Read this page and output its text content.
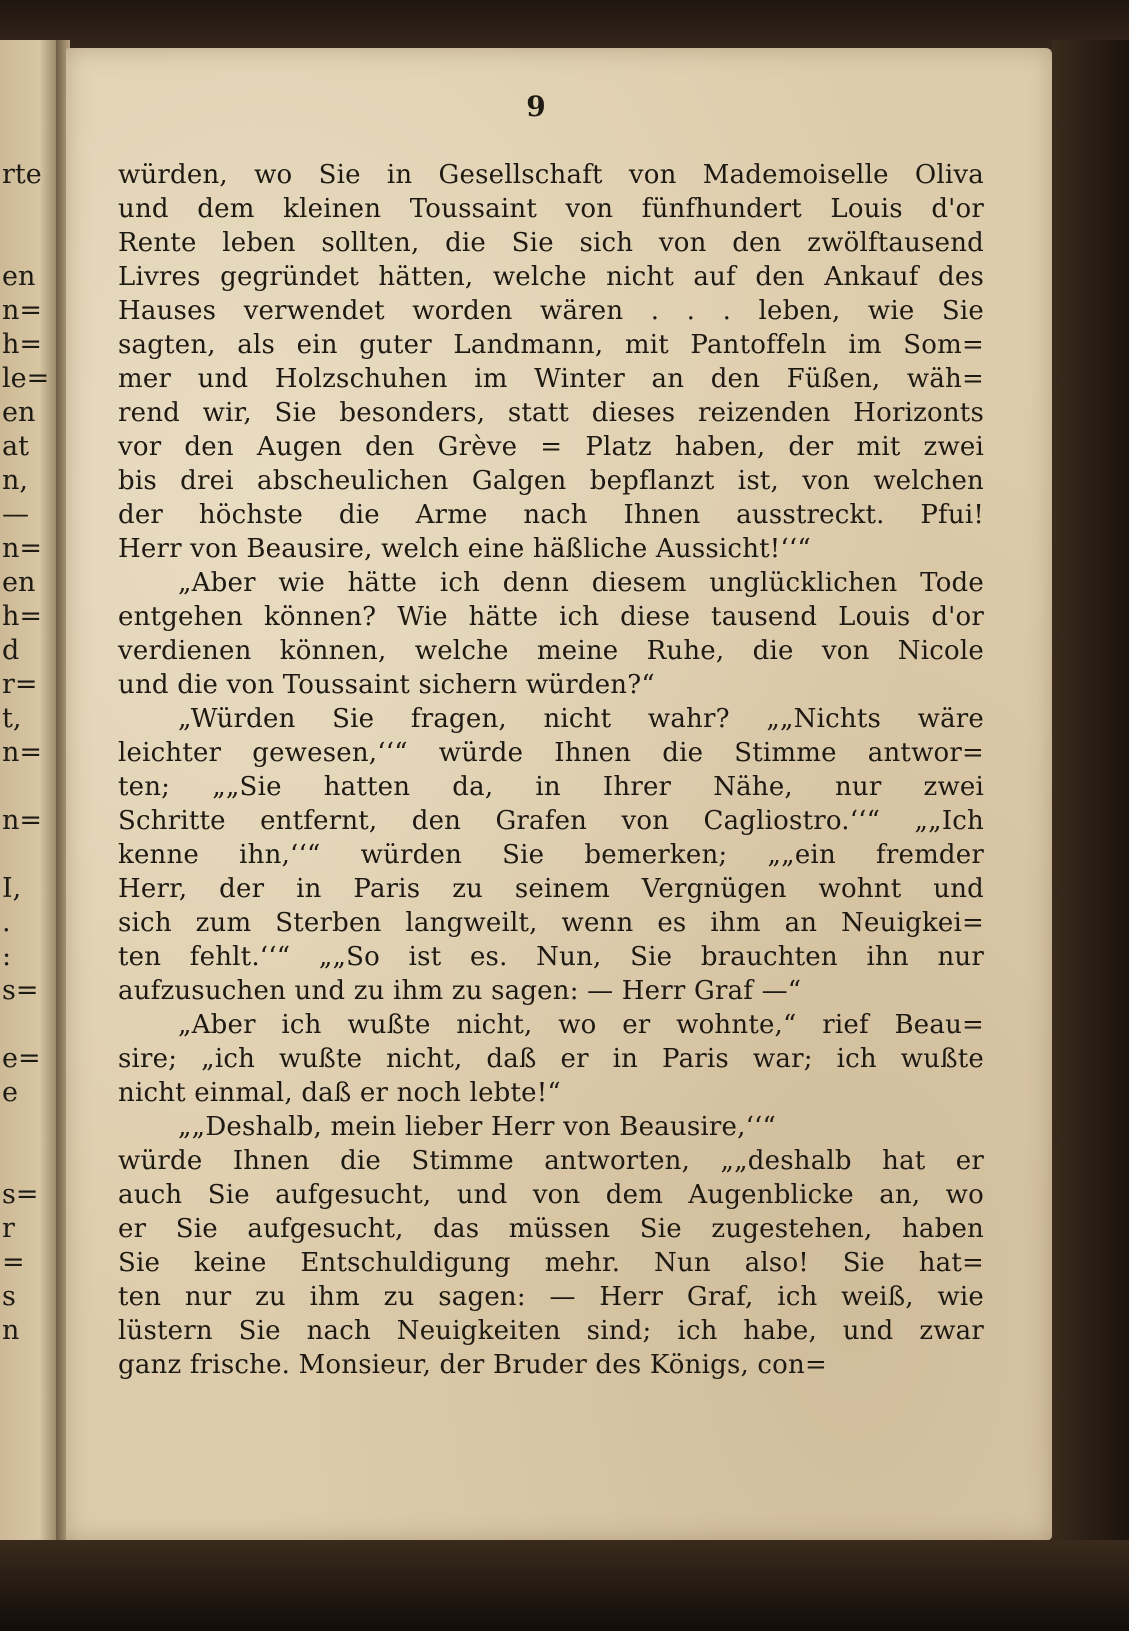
rte
en
n=
h=
le=
en
at
n,
—
n=
en
h=
d
r=
t,
n=
n=
I,
.
:
s=
e=
e
s=
r
=
s
n
9
würden, wo Sie in Gesellschaft von Mademoiselle Oliva
und dem kleinen Toussaint von fünfhundert Louis d'or
Rente leben sollten, die Sie sich von den zwölftausend
Livres gegründet hätten, welche nicht auf den Ankauf des
Hauses verwendet worden wären . . . leben, wie Sie
sagten, als ein guter Landmann, mit Pantoffeln im Som=
mer und Holzschuhen im Winter an den Füßen, wäh=
rend wir, Sie besonders, statt dieses reizenden Horizonts
vor den Augen den Grève = Platz haben, der mit zwei
bis drei abscheulichen Galgen bepflanzt ist, von welchen
der höchste die Arme nach Ihnen ausstreckt. Pfui!
Herr von Beausire, welch eine häßliche Aussicht!‘‘“
„Aber wie hätte ich denn diesem unglücklichen Tode
entgehen können? Wie hätte ich diese tausend Louis d'or
verdienen können, welche meine Ruhe, die von Nicole
und die von Toussaint sichern würden?“
„Würden Sie fragen, nicht wahr? „„Nichts wäre
leichter gewesen,‘‘“ würde Ihnen die Stimme antwor=
ten; „„Sie hatten da, in Ihrer Nähe, nur zwei
Schritte entfernt, den Grafen von Cagliostro.‘‘“ „„Ich
kenne ihn,‘‘“ würden Sie bemerken; „„ein fremder
Herr, der in Paris zu seinem Vergnügen wohnt und
sich zum Sterben langweilt, wenn es ihm an Neuigkei=
ten fehlt.‘‘“ „„So ist es. Nun, Sie brauchten ihn nur
aufzusuchen und zu ihm zu sagen: — Herr Graf —“
„Aber ich wußte nicht, wo er wohnte,“ rief Beau=
sire; „ich wußte nicht, daß er in Paris war; ich wußte
nicht einmal, daß er noch lebte!“
„„Deshalb, mein lieber Herr von Beausire,‘‘“
würde Ihnen die Stimme antworten, „„deshalb hat er
auch Sie aufgesucht, und von dem Augenblicke an, wo
er Sie aufgesucht, das müssen Sie zugestehen, haben
Sie keine Entschuldigung mehr. Nun also! Sie hat=
ten nur zu ihm zu sagen: — Herr Graf, ich weiß, wie
lüstern Sie nach Neuigkeiten sind; ich habe, und zwar
ganz frische. Monsieur, der Bruder des Königs, con=
